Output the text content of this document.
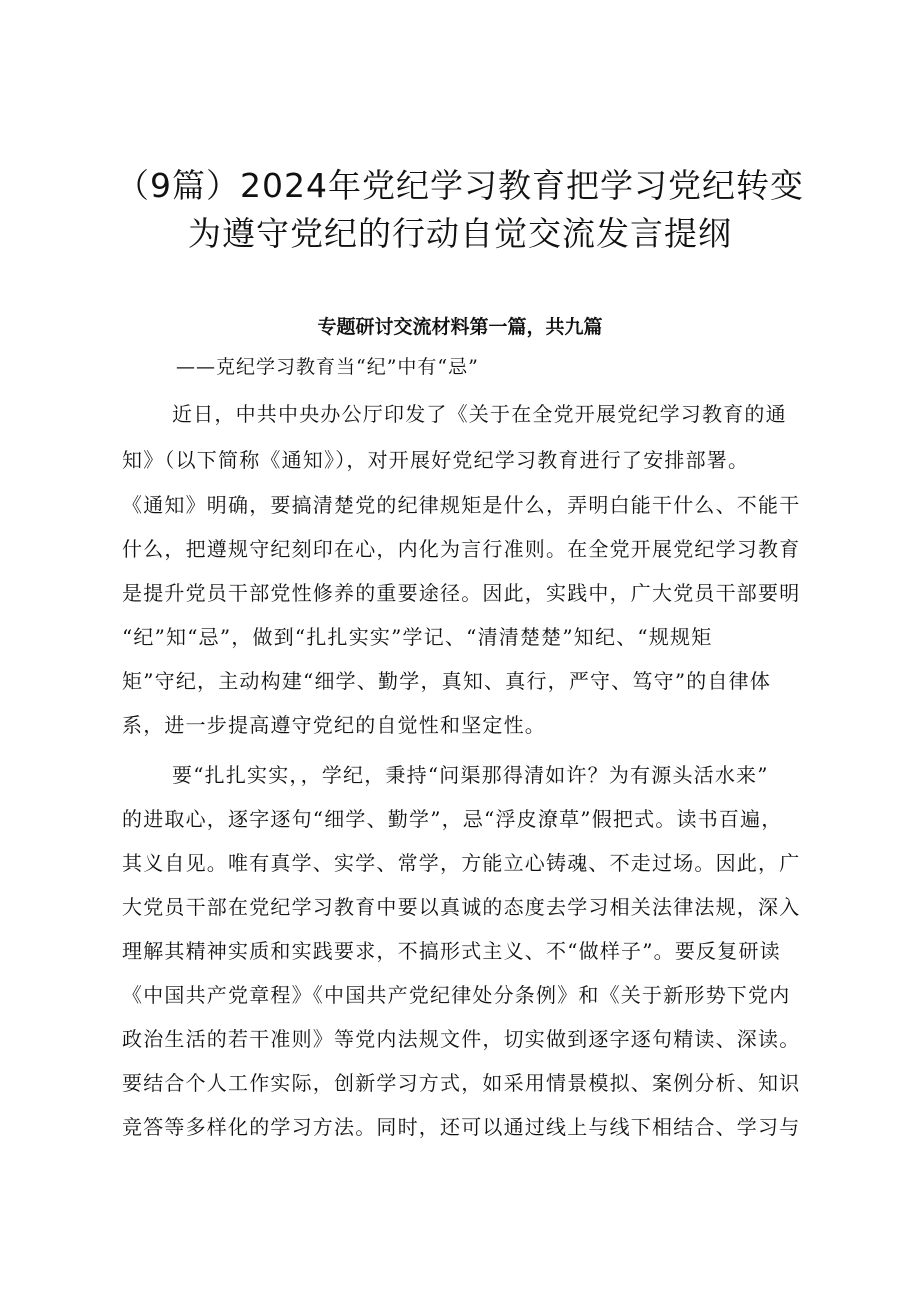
（9篇）2024年党纪学习教育把学习党纪转变
为遵守党纪的行动自觉交流发言提纲
专题研讨交流材料第一篇，共九篇
——克纪学习教育当“纪”中有“忌”
近日，中共中央办公厅印发了《关于在全党开展党纪学习教育的通
知》（以下简称《通知》），对开展好党纪学习教育进行了安排部署。
《通知》明确，要搞清楚党的纪律规矩是什么，弄明白能干什么、不能干
什么，把遵规守纪刻印在心，内化为言行准则。在全党开展党纪学习教育
是提升党员干部党性修养的重要途径。因此，实践中，广大党员干部要明
“纪”知“忌”，做到“扎扎实实”学记、“清清楚楚”知纪、“规规矩
矩”守纪，主动构建“细学、勤学，真知、真行，严守、笃守”的自律体
系，进一步提高遵守党纪的自觉性和坚定性。
要“扎扎实实，，学纪，秉持“问渠那得清如许？为有源头活水来”
的进取心，逐字逐句“细学、勤学”，忌“浮皮潦草”假把式。读书百遍，
其义自见。唯有真学、实学、常学，方能立心铸魂、不走过场。因此，广
大党员干部在党纪学习教育中要以真诚的态度去学习相关法律法规，深入
理解其精神实质和实践要求，不搞形式主义、不“做样子”。要反复研读
《中国共产党章程》《中国共产党纪律处分条例》和《关于新形势下党内
政治生活的若干准则》等党内法规文件，切实做到逐字逐句精读、深读。
要结合个人工作实际，创新学习方式，如采用情景模拟、案例分析、知识
竞答等多样化的学习方法。同时，还可以通过线上与线下相结合、学习与
